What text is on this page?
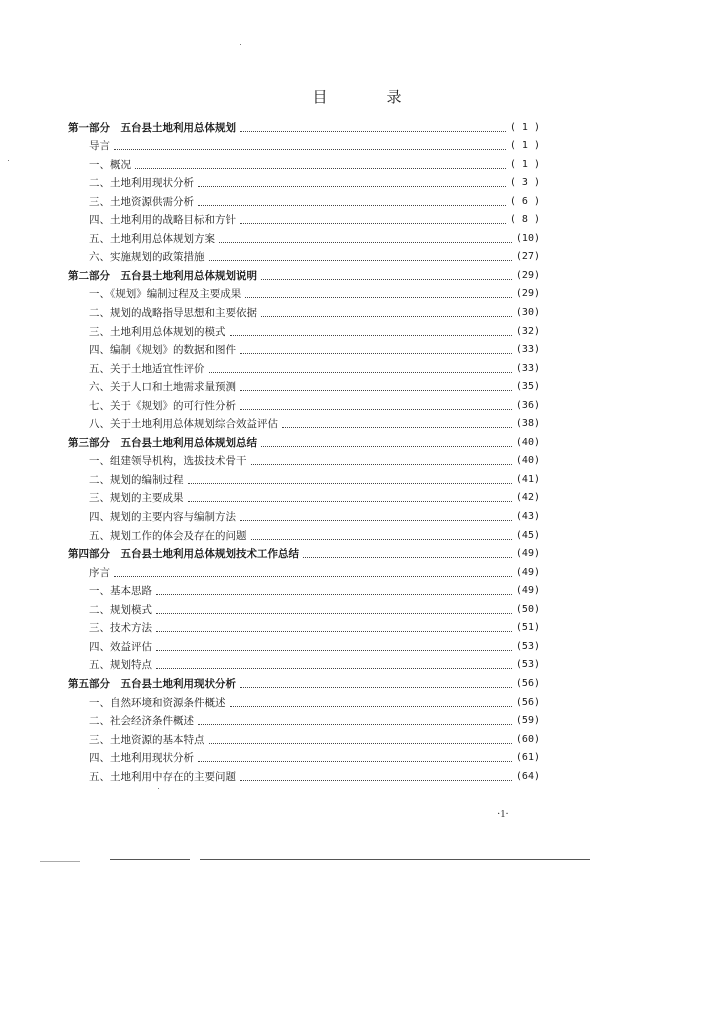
目　录
第一部分　五台县土地利用总体规划	( 1 )
导言	( 1 )
一、概况	( 1 )
二、土地利用现状分析	( 3 )
三、土地资源供需分析	( 6 )
四、土地利用的战略目标和方针	( 8 )
五、土地利用总体规划方案	(10)
六、实施规划的政策措施	(27)
第二部分　五台县土地利用总体规划说明	(29)
一、《规划》编制过程及主要成果	(29)
二、规划的战略指导思想和主要依据	(30)
三、土地利用总体规划的模式	(32)
四、编制《规划》的数据和图件	(33)
五、关于土地适宜性评价	(33)
六、关于人口和土地需求量预测	(35)
七、关于《规划》的可行性分析	(36)
八、关于土地利用总体规划综合效益评估	(38)
第三部分　五台县土地利用总体规划总结	(40)
一、组建领导机构，选拔技术骨干	(40)
二、规划的编制过程	(41)
三、规划的主要成果	(42)
四、规划的主要内容与编制方法	(43)
五、规划工作的体会及存在的问题	(45)
第四部分　五台县土地利用总体规划技术工作总结	(49)
序言	(49)
一、基本思路	(49)
二、规划模式	(50)
三、技术方法	(51)
四、效益评估	(53)
五、规划特点	(53)
第五部分　五台县土地利用现状分析	(56)
一、自然环境和资源条件概述	(56)
二、社会经济条件概述	(59)
三、土地资源的基本特点	(60)
四、土地利用现状分析	(61)
五、土地利用中存在的主要问题	(64)
·1·
